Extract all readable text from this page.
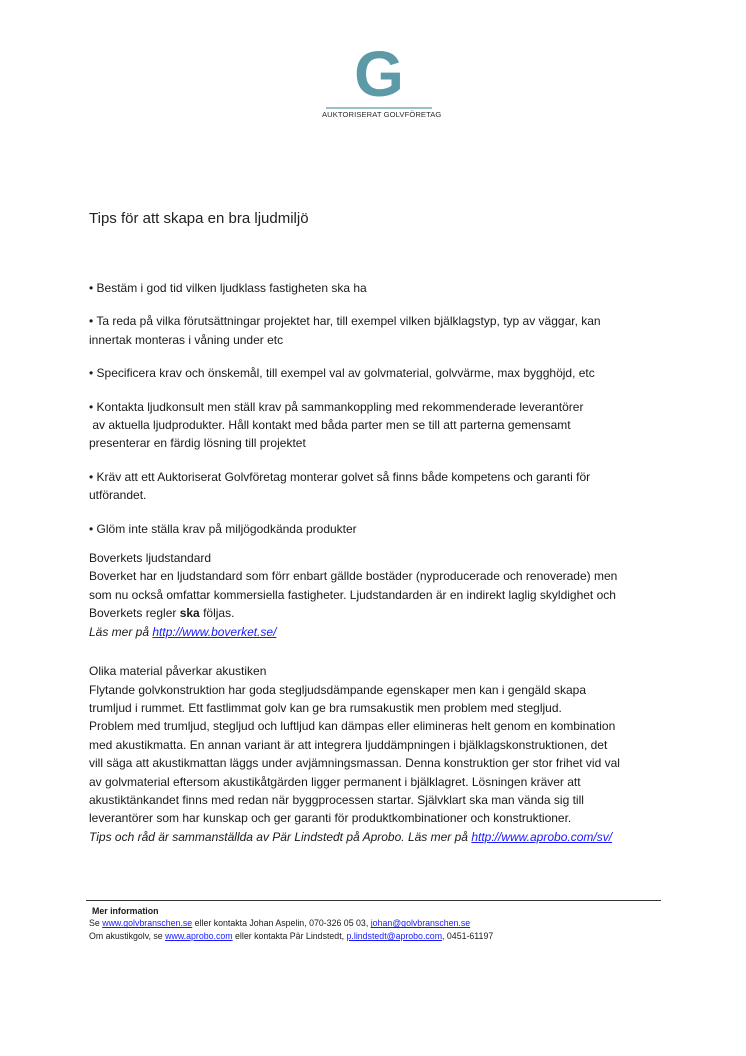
G
AUKTORISERAT GOLVFÖRETAG
Tips för att skapa en bra ljudmiljö

• Bestäm i god tid vilken ljudklass fastigheten ska ha

• Ta reda på vilka förutsättningar projektet har, till exempel vilken bjälklagstyp, typ av väggar, kan
innertak monteras i våning under etc

• Specificera krav och önskemål, till exempel val av golvmaterial, golvvärme, max bygghöjd, etc

• Kontakta ljudkonsult men ställ krav på sammankoppling med rekommenderade leverantörer
av aktuella ljudprodukter. Håll kontakt med båda parter men se till att parterna gemensamt
presenterar en färdig lösning till projektet

• Kräv att ett Auktoriserat Golvföretag monterar golvet så finns både kompetens och garanti för
utförandet.

• Glöm inte ställa krav på miljögodkända produkter

Boverkets ljudstandard
Boverket har en ljudstandard som förr enbart gällde bostäder (nyproducerade och renoverade) men
som nu också omfattar kommersiella fastigheter. Ljudstandarden är en indirekt laglig skyldighet och
Boverkets regler ska följas.
Läs mer på http://www.boverket.se/
Olika material påverkar akustiken
Flytande golvkonstruktion har goda stegljudsdämpande egenskaper men kan i gengäld skapa
trumljud i rummet. Ett fastlimmat golv kan ge bra rumsakustik men problem med stegljud.
Problem med trumljud, stegljud och luftljud kan dämpas eller elimineras helt genom en kombination
med akustikmatta. En annan variant är att integrera ljuddämpningen i bjälklagskonstruktionen, det
vill säga att akustikmattan läggs under avjämningsmassan. Denna konstruktion ger stor frihet vid val
av golvmaterial eftersom akustikåtgärden ligger permanent i bjälklagret. Lösningen kräver att
akustiktänkandet finns med redan när byggprocessen startar. Självklart ska man vända sig till
leverantörer som har kunskap och ger garanti för produktkombinationer och konstruktioner.
Tips och råd är sammanställda av Pär Lindstedt på Aprobo. Läs mer på http://www.aprobo.com/sv/
Mer information
Se www.golvbranschen.se eller kontakta Johan Aspelin, 070-326 05 03, johan@golvbranschen.se
Om akustikgolv, se www.aprobo.com eller kontakta Pär Lindstedt, p.lindstedt@aprobo.com, 0451-61197
